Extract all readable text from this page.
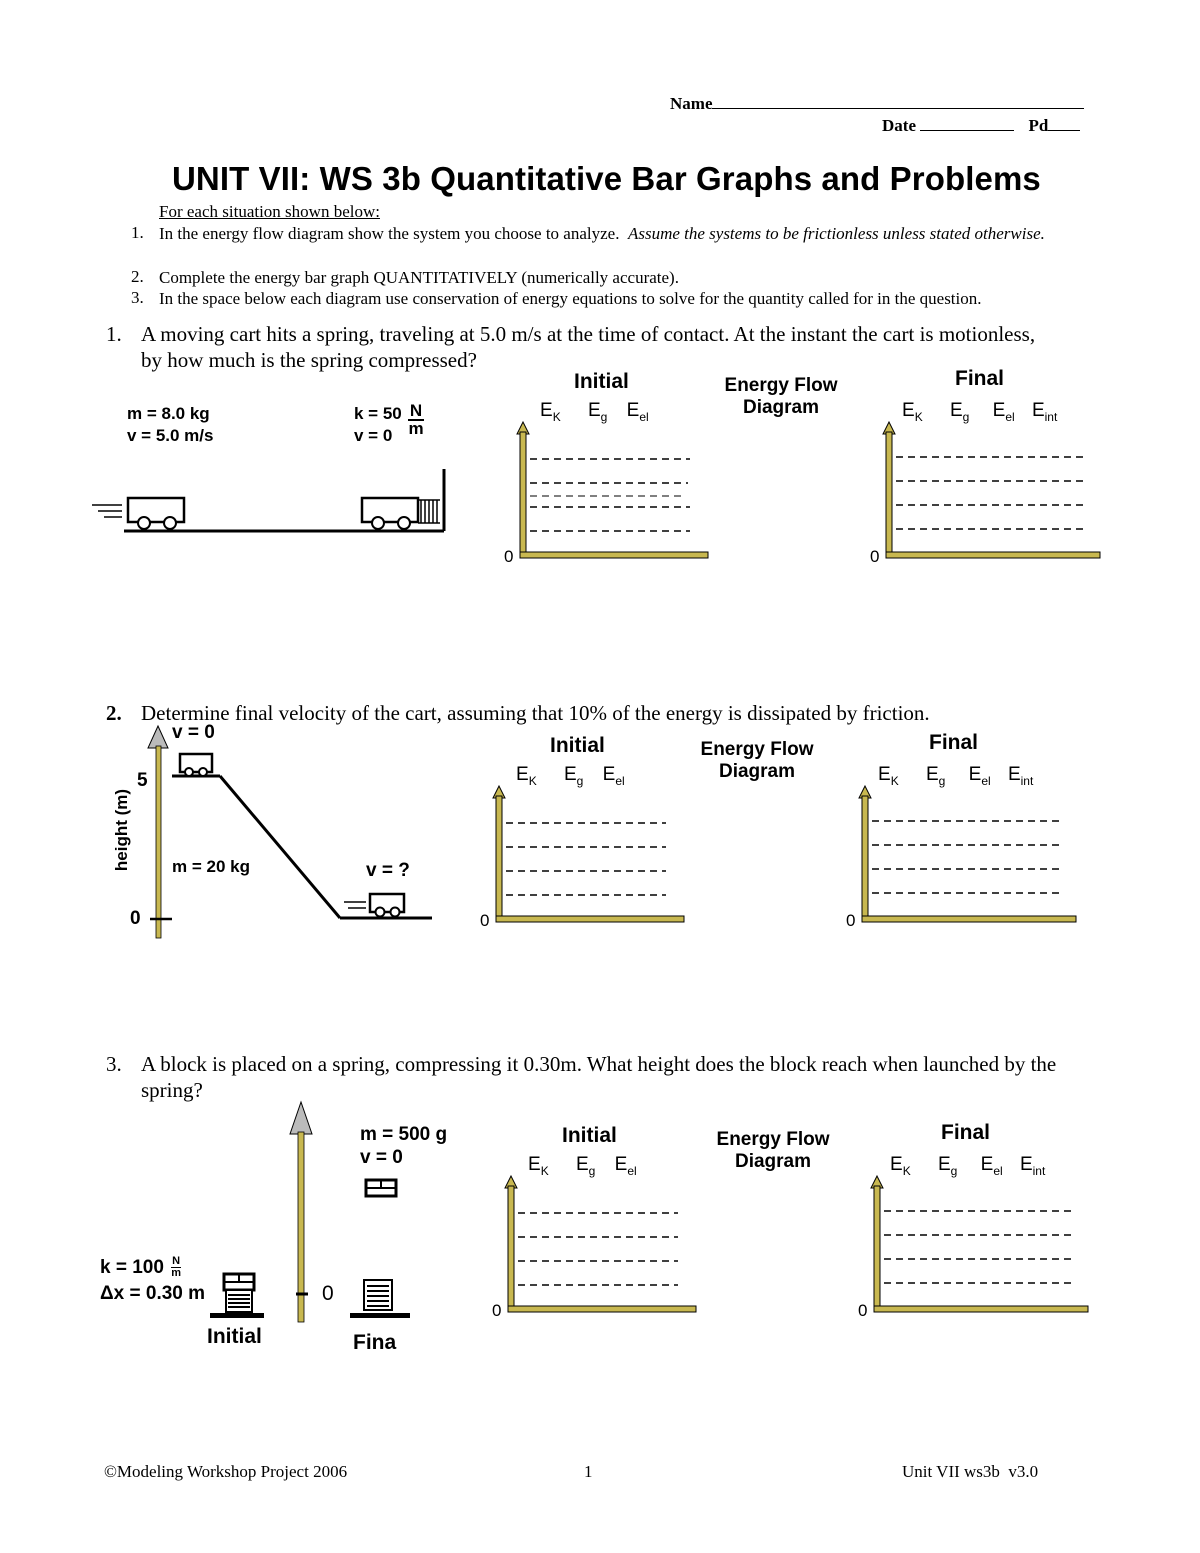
Name
Date	Pd
UNIT VII: WS 3b Quantitative Bar Graphs and Problems
For each situation shown below:
1. In the energy flow diagram show the system you choose to analyze. Assume the systems to be frictionless unless stated otherwise.
2. Complete the energy bar graph QUANTITATIVELY (numerically accurate).
3. In the space below each diagram use conservation of energy equations to solve for the quantity called for in the question.
1. A moving cart hits a spring, traveling at 5.0 m/s at the time of contact. At the instant the cart is motionless, by how much is the spring compressed?
m = 8.0 kg
v = 5.0 m/s
$k = 50 \frac{N}{m}$
v = 0
Initial
$E_K$ $E_g$ $E_{el}$
0
Energy Flow
Diagram
Final
$E_K$ $E_g$ $E_{el}$ $E_{int}$
0
2. Determine final velocity of the cart, assuming that 10% of the energy is dissipated by friction.
v = 0
5
0
height (m) m = 20 kg	v = ?
Initial
$E_K$ $E_g$ $E_{el}$
0
Energy Flow
Diagram
Final
$E_K$ $E_g$ $E_{el}$ $E_{int}$
0
3. A block is placed on a spring, compressing it 0.30m. What height does the block reach when launched by the spring?
m = 500 g
v = 0
$k = 100 \frac{N}{m}$
Δx = 0.30 m	0
Initial	Fina
Initial
$E_K$ $E_g$ $E_{el}$
0
Energy Flow
Diagram
Final
$E_K$ $E_g$ $E_{el}$ $E_{int}$
0
©Modeling Workshop Project 2006	1	Unit VII ws3b  v3.0
